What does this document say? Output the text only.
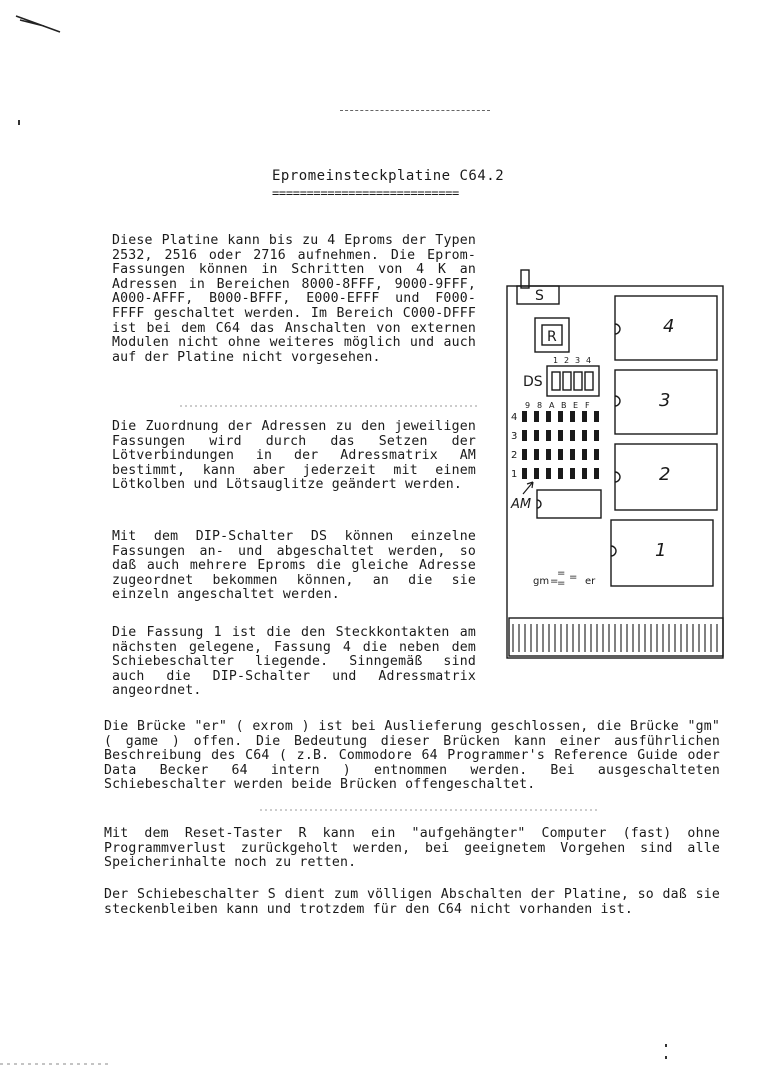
Epromeinsteckplatine C64.2
===========================
Diese Platine kann bis zu 4 Eproms der Typen 2532, 2516 oder 2716 aufnehmen. Die Eprom-Fassungen können in Schritten von 4 K an Adressen in Bereichen 8000-8FFF, 9000-9FFF, A000-AFFF, B000-BFFF, E000-EFFF und F000-FFFF geschaltet werden. Im Bereich C000-DFFF ist bei dem C64 das Anschalten von externen Modulen nicht ohne weiteres möglich und auch auf der Platine nicht vorgesehen.
Die Zuordnung der Adressen zu den jeweiligen Fassungen wird durch das Setzen der Lötverbindungen in der Adressmatrix AM bestimmt, kann aber jederzeit mit einem Lötkolben und Lötsauglitze geändert werden.
Mit dem DIP-Schalter DS können einzelne Fassungen an- und abgeschaltet werden, so daß auch mehrere Eproms die gleiche Adresse zugeordnet bekommen können, an die sie einzeln angeschaltet werden.
Die Fassung 1 ist die den Steckkontakten am nächsten gelegene, Fassung 4 die neben dem Schiebeschalter liegende. Sinngemäß sind auch die DIP-Schalter und Adressmatrix angeordnet.
Die Brücke "er" ( exrom ) ist bei Auslieferung geschlossen, die Brücke "gm" ( game ) offen. Die Bedeutung dieser Brücken kann einer ausführlichen Beschreibung des C64 ( z.B. Commodore 64 Programmer's Reference Guide oder Data Becker 64 intern ) entnommen werden. Bei ausgeschalteten Schiebeschalter werden beide Brücken offengeschaltet.
Mit dem Reset-Taster R kann ein "aufgehängter" Computer (fast) ohne Programmverlust zurückgeholt werden, bei geeignetem Vorgehen sind alle Speicherinhalte noch zu retten.
Der Schiebeschalter S dient zum völligen Abschalten der Platine, so daß sie steckenbleiben kann und trotzdem für den C64 nicht vorhanden ist.
S
R
DS
1 2 3 4
9 8 A B E F
4
3
2
1
AM
4
3
2
1
gm =
=
=
= er
